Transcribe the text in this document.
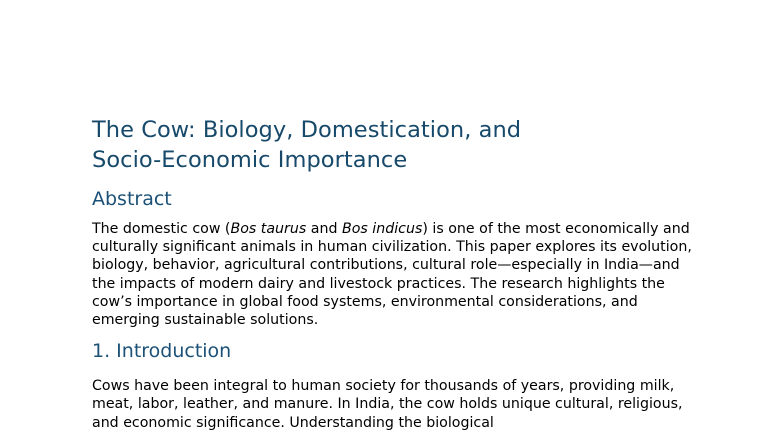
The Cow: Biology, Domestication, and
Socio-Economic Importance
Abstract

The domestic cow (Bos taurus and Bos indicus) is one of the most economically and culturally significant animals in human civilization. This paper explores its evolution, biology, behavior, agricultural contributions, cultural role—especially in India—and the impacts of modern dairy and livestock practices. The research highlights the cow’s importance in global food systems, environmental considerations, and emerging sustainable solutions.

1. Introduction

Cows have been integral to human society for thousands of years, providing milk, meat, labor, leather, and manure. In India, the cow holds unique cultural, religious, and economic significance. Understanding the biological
